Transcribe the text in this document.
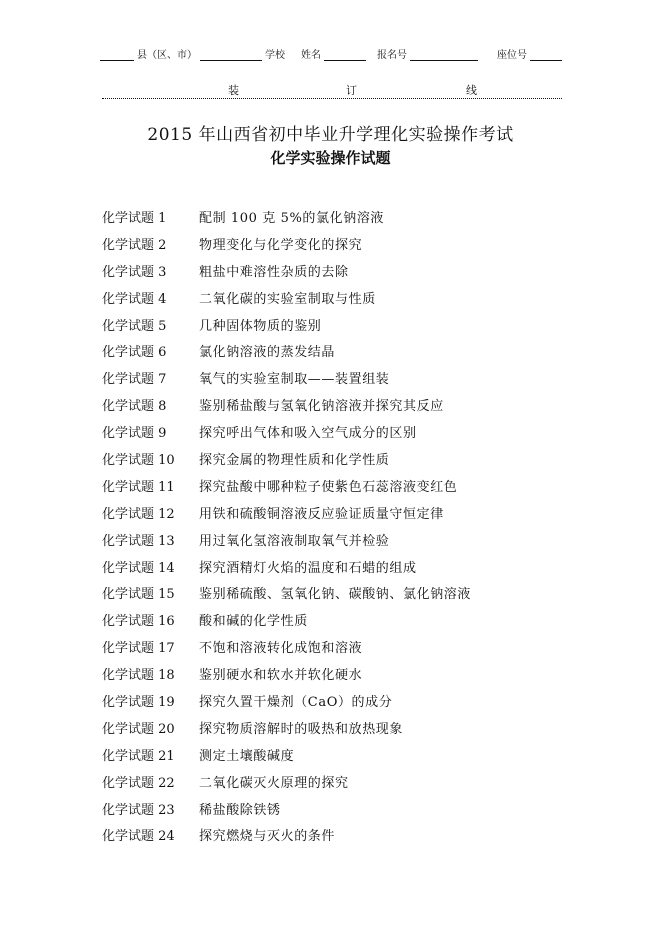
县（区、市）	学校	姓名	报名号	座位号
装	订	线
2015 年山西省初中毕业升学理化实验操作考试
化学实验操作试题
化学试题 1	配制 100 克 5%的氯化钠溶液
化学试题 2	物理变化与化学变化的探究
化学试题 3	粗盐中难溶性杂质的去除
化学试题 4	二氧化碳的实验室制取与性质
化学试题 5	几种固体物质的鉴别
化学试题 6	氯化钠溶液的蒸发结晶
化学试题 7	氧气的实验室制取——装置组装
化学试题 8	鉴别稀盐酸与氢氧化钠溶液并探究其反应
化学试题 9	探究呼出气体和吸入空气成分的区别
化学试题 10	探究金属的物理性质和化学性质
化学试题 11	探究盐酸中哪种粒子使紫色石蕊溶液变红色
化学试题 12	用铁和硫酸铜溶液反应验证质量守恒定律
化学试题 13	用过氧化氢溶液制取氧气并检验
化学试题 14	探究酒精灯火焰的温度和石蜡的组成
化学试题 15	鉴别稀硫酸、氢氧化钠、碳酸钠、氯化钠溶液
化学试题 16	酸和碱的化学性质
化学试题 17	不饱和溶液转化成饱和溶液
化学试题 18	鉴别硬水和软水并软化硬水
化学试题 19	探究久置干燥剂（CaO）的成分
化学试题 20	探究物质溶解时的吸热和放热现象
化学试题 21	测定土壤酸碱度
化学试题 22	二氧化碳灭火原理的探究
化学试题 23	稀盐酸除铁锈
化学试题 24	探究燃烧与灭火的条件
